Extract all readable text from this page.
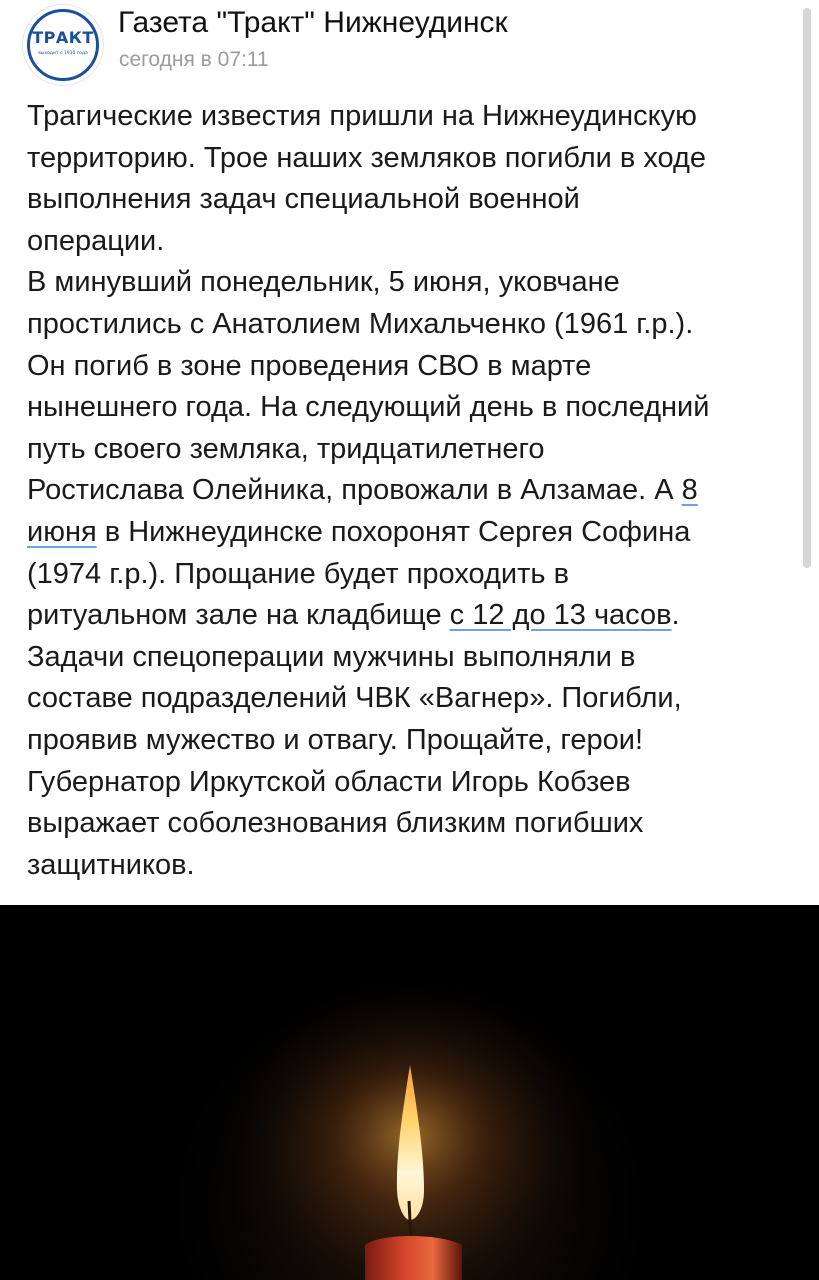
ТРАКТ
выходит с 1930 года
Газета "Тракт" Нижнеудинск
сегодня в 07:11
Трагические известия пришли на Нижнеудинскую
территорию. Трое наших земляков погибли в ходе
выполнения задач специальной военной
операции.
В минувший понедельник, 5 июня, уковчане
простились с Анатолием Михальченко (1961 г.р.).
Он погиб в зоне проведения СВО в марте
нынешнего года. На следующий день в последний
путь своего земляка, тридцатилетнего
Ростислава Олейника, провожали в Алзамае. А 8
июня в Нижнеудинске похоронят Сергея Софина
(1974 г.р.). Прощание будет проходить в
ритуальном зале на кладбище с 12 до 13 часов.
Задачи спецоперации мужчины выполняли в
составе подразделений ЧВК «Вагнер». Погибли,
проявив мужество и отвагу. Прощайте, герои!
Губернатор Иркутской области Игорь Кобзев
выражает соболезнования близким погибших
защитников.
